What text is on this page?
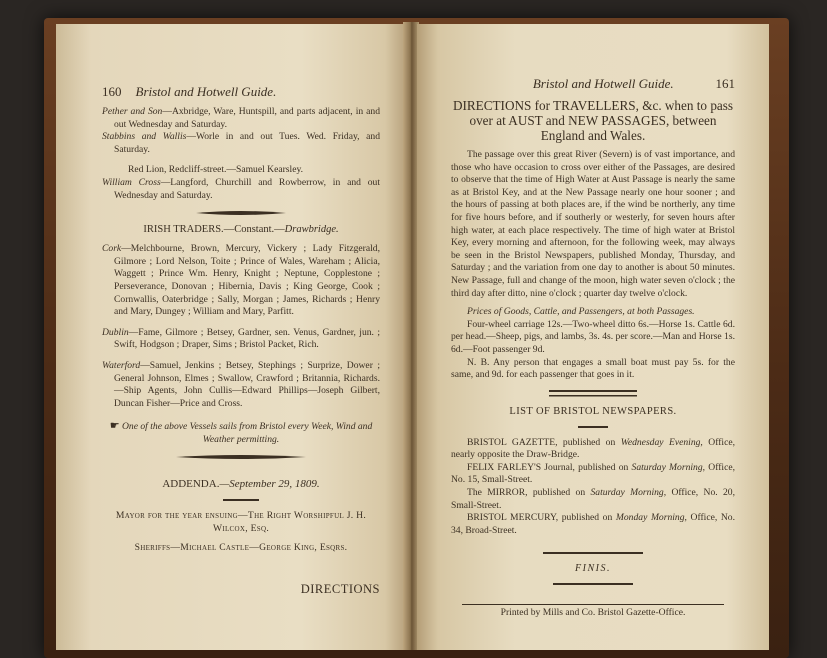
160	Bristol and Hotwell Guide.

Pether and Son—Axbridge, Ware, Huntspill, and parts adjacent, in and out Wednesday and Saturday.

Stabbins and Wallis—Worle in and out Tues. Wed. Friday, and Saturday.

Red Lion, Redcliff-street.—Samuel Kearsley.

William Cross—Langford, Churchill and Rowberrow, in and out Wednesday and Saturday.

IRISH TRADERS.—Constant.—Drawbridge.

Cork—Melchbourne, Brown, Mercury, Vickery ; Lady Fitzgerald, Gilmore ; Lord Nelson, Toite ; Prince of Wales, Wareham ; Alicia, Waggett ; Prince Wm. Henry, Knight ; Neptune, Copplestone ; Perseverance, Donovan ; Hibernia, Davis ; King George, Cook ; Cornwallis, Oaterbridge ; Sally, Morgan ; James, Richards ; Henry and Mary, Dungey ; William and Mary, Parfitt.

Dublin—Fame, Gilmore ; Betsey, Gardner, sen. Venus, Gardner, jun. ; Swift, Hodgson ; Draper, Sims ; Bristol Packet, Rich.

Waterford—Samuel, Jenkins ; Betsey, Stephings ; Surprize, Dower ; General Johnson, Elmes ; Swallow, Crawford ; Britannia, Richards.—Ship Agents, John Cullis—Edward Phillips—Joseph Gilbert, Duncan Fisher—Price and Cross.

☛ One of the above Vessels sails from Bristol every Week, Wind and Weather permitting.

ADDENDA.—September 29, 1809.

Mayor for the year ensuing—The Right Worshipful J. H. Wilcox, Esq.

Sheriffs—Michael Castle—George King, Esqrs.

DIRECTIONS

Bristol and Hotwell Guide.	161

DIRECTIONS for TRAVELLERS, &c. when to pass over at AUST and NEW PASSAGES, between England and Wales.

The passage over this great River (Severn) is of vast importance, and those who have occasion to cross over either of the Passages, are desired to observe that the time of High Water at Aust Passage is nearly the same as at Bristol Key, and at the New Passage nearly one hour sooner ; and the hours of passing at both places are, if the wind be northerly, any time for five hours before, and if southerly or westerly, for seven hours after high water, at each place respectively. The time of high water at Bristol Key, every morning and afternoon, for the following week, may always be seen in the Bristol Newspapers, published Monday, Thursday, and Saturday ; and the variation from one day to another is about 50 minutes. New Passage, full and change of the moon, high water seven o'clock ; the third day after ditto, nine o'clock ; quarter day twelve o'clock.

Prices of Goods, Cattle, and Passengers, at both Passages.

Four-wheel carriage 12s.—Two-wheel ditto 6s.—Horse 1s. Cattle 6d. per head.—Sheep, pigs, and lambs, 3s. 4s. per score.—Man and Horse 1s. 6d.—Foot passenger 9d.

N. B. Any person that engages a small boat must pay 5s. for the same, and 9d. for each passenger that goes in it.

LIST OF BRISTOL NEWSPAPERS.

BRISTOL GAZETTE, published on Wednesday Evening, Office, nearly opposite the Draw-Bridge.

FELIX FARLEY'S Journal, published on Saturday Morning, Office, No. 15, Small-Street.

The MIRROR, published on Saturday Morning, Office, No. 20, Small-Street.

BRISTOL MERCURY, published on Monday Morning, Office, No. 34, Broad-Street.

FINIS.

Printed by Mills and Co. Bristol Gazette-Office.
